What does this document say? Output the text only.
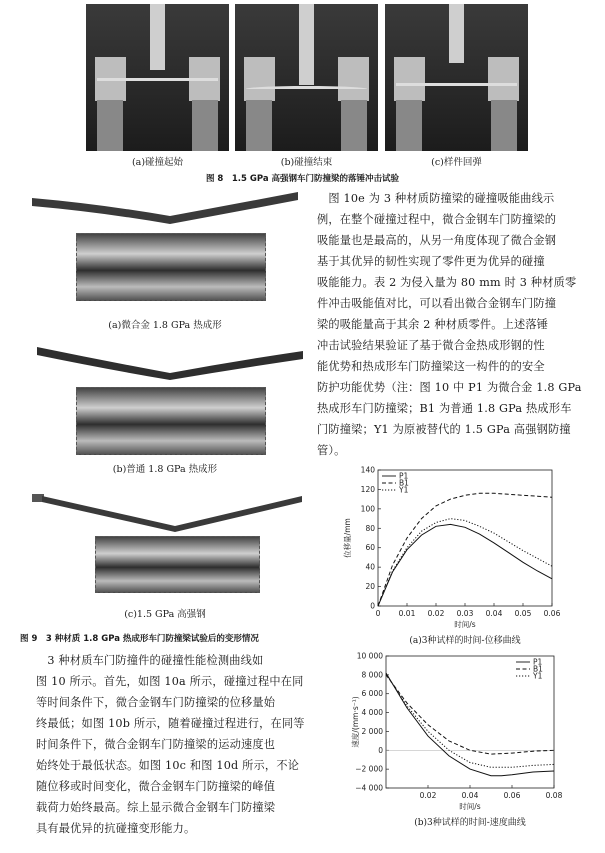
(a)碰撞起始	(b)碰撞结束	(c)样件回弹
图 8　1.5 GPa 高强钢车门防撞梁的落锤冲击试验
(a)微合金 1.8 GPa 热成形
(b)普通 1.8 GPa 热成形
(c)1.5 GPa 高强钢
图 9　3 种材质 1.8 GPa 热成形车门防撞梁试验后的变形情况
　图 10e 为 3 种材质防撞梁的碰撞吸能曲线示
例，在整个碰撞过程中，微合金钢车门防撞梁的
吸能量也是最高的，从另一角度体现了微合金钢
基于其优异的韧性实现了零件更为优异的碰撞
吸能能力。表 2 为侵入量为 80 mm 时 3 种材质零
件冲击吸能值对比，可以看出微合金钢车门防撞
梁的吸能量高于其余 2 种材质零件。上述落锤
冲击试验结果验证了基于微合金热成形钢的性
能优势和热成形车门防撞梁这一构件的的安全
防护功能优势（注：图 10 中 P1 为微合金 1.8 GPa
热成形车门防撞梁；B1 为普通 1.8 GPa 热成形车
门防撞梁；Y1 为原被替代的 1.5 GPa 高强钢防撞
管）。
　3 种材质车门防撞件的碰撞性能检测曲线如
图 10 所示。首先，如图 10a 所示，碰撞过程中在同
等时间条件下，微合金钢车门防撞梁的位移量始
终最低；如图 10b 所示，随着碰撞过程进行，在同等
时间条件下，微合金钢车门防撞梁的运动速度也
始终处于最低状态。如图 10c 和图 10d 所示，不论
随位移或时间变化，微合金钢车门防撞梁的峰值
载荷力始终最高。综上显示微合金钢车门防撞梁
具有最优异的抗碰撞变形能力。
0
20
40
60
80
100
120
140
0 0.01 0.02 0.03 0.04 0.05 0.06
时间/s
位移量/mm
P1
B1
Y1
(a)3种试样的时间-位移曲线
−4 000
−2 000
0
2 000
4 000
6 000
8 000
10 000
0.02	0.04	0.06	0.08
时间/s
速度/(mm·s⁻¹)
P1
B1
Y1
(b)3种试样的时间-速度曲线
